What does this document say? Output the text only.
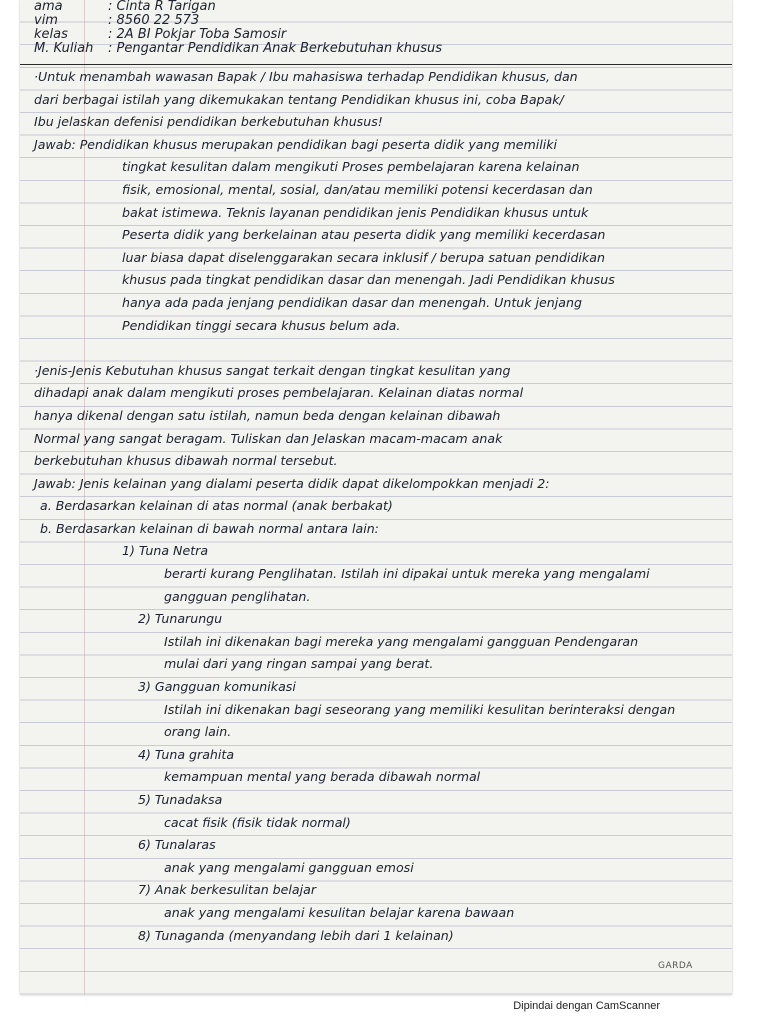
ama	: Cinta R Tarigan
vim	: 8560 22 573
kelas	: 2A BI Pokjar Toba Samosir
M. Kuliah	: Pengantar Pendidikan Anak Berkebutuhan khusus
·Untuk menambah wawasan Bapak / Ibu mahasiswa terhadap Pendidikan khusus, dan
dari berbagai istilah yang dikemukakan tentang Pendidikan khusus ini, coba Bapak/
Ibu jelaskan defenisi pendidikan berkebutuhan khusus!
Jawab: Pendidikan khusus merupakan pendidikan bagi peserta didik yang memiliki
tingkat kesulitan dalam mengikuti Proses pembelajaran karena kelainan
fisik, emosional, mental, sosial, dan/atau memiliki potensi kecerdasan dan
bakat istimewa. Teknis layanan pendidikan jenis Pendidikan khusus untuk
Peserta didik yang berkelainan atau peserta didik yang memiliki kecerdasan
luar biasa dapat diselenggarakan secara inklusif / berupa satuan pendidikan
khusus pada tingkat pendidikan dasar dan menengah. Jadi Pendidikan khusus
hanya ada pada jenjang pendidikan dasar dan menengah. Untuk jenjang
Pendidikan tinggi secara khusus belum ada.
·Jenis-Jenis Kebutuhan khusus sangat terkait dengan tingkat kesulitan yang
dihadapi anak dalam mengikuti proses pembelajaran. Kelainan diatas normal
hanya dikenal dengan satu istilah, namun beda dengan kelainan dibawah
Normal yang sangat beragam. Tuliskan dan Jelaskan macam-macam anak
berkebutuhan khusus dibawah normal tersebut.
Jawab: Jenis kelainan yang dialami peserta didik dapat dikelompokkan menjadi 2:
a. Berdasarkan kelainan di atas normal (anak berbakat)
b. Berdasarkan kelainan di bawah normal antara lain:
1) Tuna Netra
berarti kurang Penglihatan. Istilah ini dipakai untuk mereka yang mengalami
gangguan penglihatan.
2) Tunarungu
Istilah ini dikenakan bagi mereka yang mengalami gangguan Pendengaran
mulai dari yang ringan sampai yang berat.
3) Gangguan komunikasi
Istilah ini dikenakan bagi seseorang yang memiliki kesulitan berinteraksi dengan
orang lain.
4) Tuna grahita
kemampuan mental yang berada dibawah normal
5) Tunadaksa
cacat fisik (fisik tidak normal)
6) Tunalaras
anak yang mengalami gangguan emosi
7) Anak berkesulitan belajar
anak yang mengalami kesulitan belajar karena bawaan
8) Tunaganda (menyandang lebih dari 1 kelainan)
GARDA
Dipindai dengan CamScanner
